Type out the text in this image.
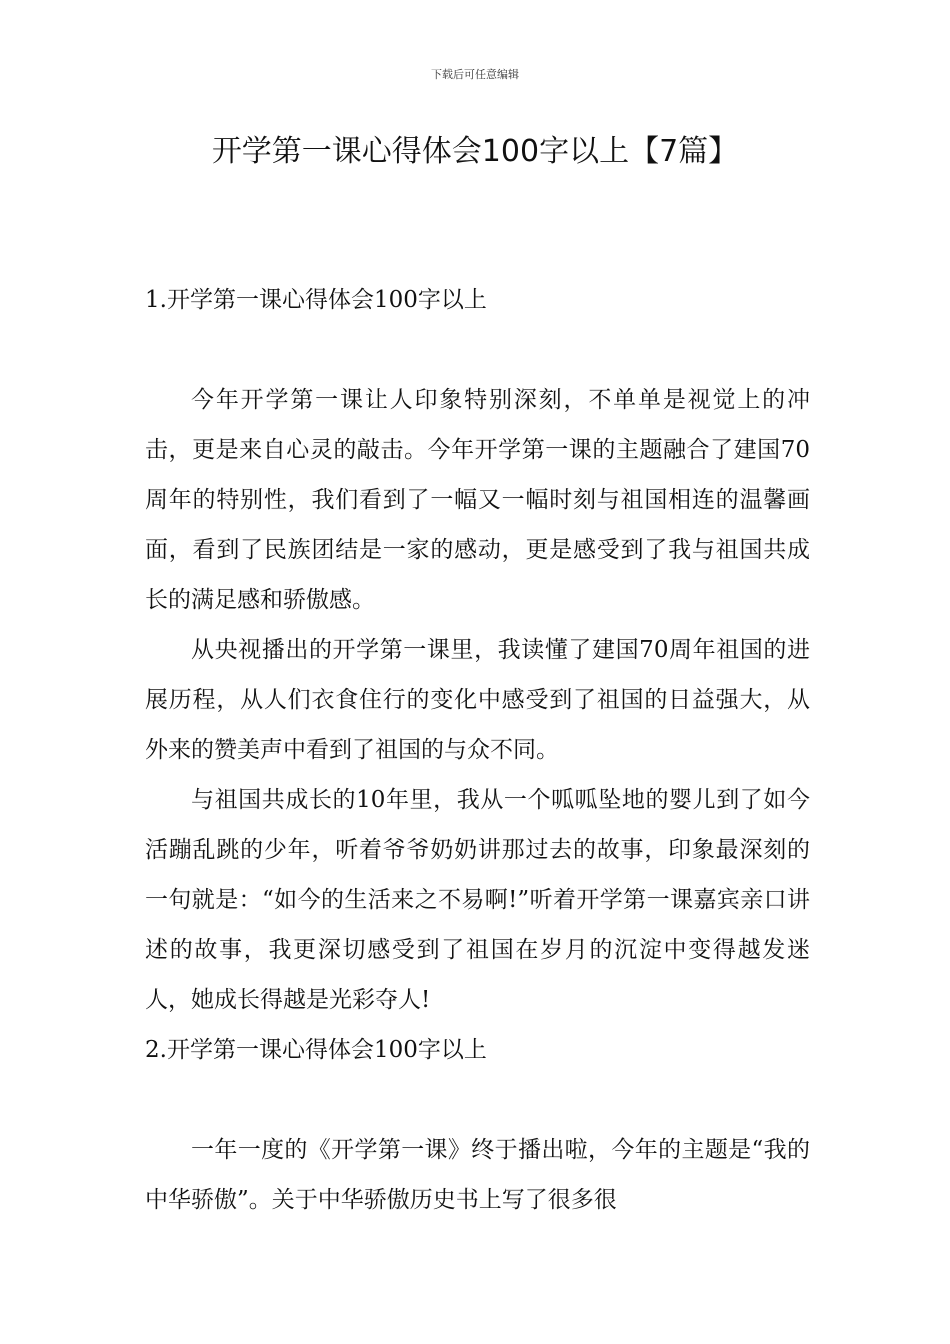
下载后可任意编辑
开学第一课心得体会100字以上【7篇】
1.开学第一课心得体会100字以上

今年开学第一课让人印象特别深刻，不单单是视觉上的冲击，更是来自心灵的敲击。今年开学第一课的主题融合了建国70周年的特别性，我们看到了一幅又一幅时刻与祖国相连的温馨画面，看到了民族团结是一家的感动，更是感受到了我与祖国共成长的满足感和骄傲感。

从央视播出的开学第一课里，我读懂了建国70周年祖国的进展历程，从人们衣食住行的变化中感受到了祖国的日益强大，从外来的赞美声中看到了祖国的与众不同。

与祖国共成长的10年里，我从一个呱呱坠地的婴儿到了如今活蹦乱跳的少年，听着爷爷奶奶讲那过去的故事，印象最深刻的一句就是：“如今的生活来之不易啊!”听着开学第一课嘉宾亲口讲述的故事，我更深切感受到了祖国在岁月的沉淀中变得越发迷人，她成长得越是光彩夺人!

2.开学第一课心得体会100字以上

一年一度的《开学第一课》终于播出啦，今年的主题是“我的中华骄傲”。关于中华骄傲历史书上写了很多很
